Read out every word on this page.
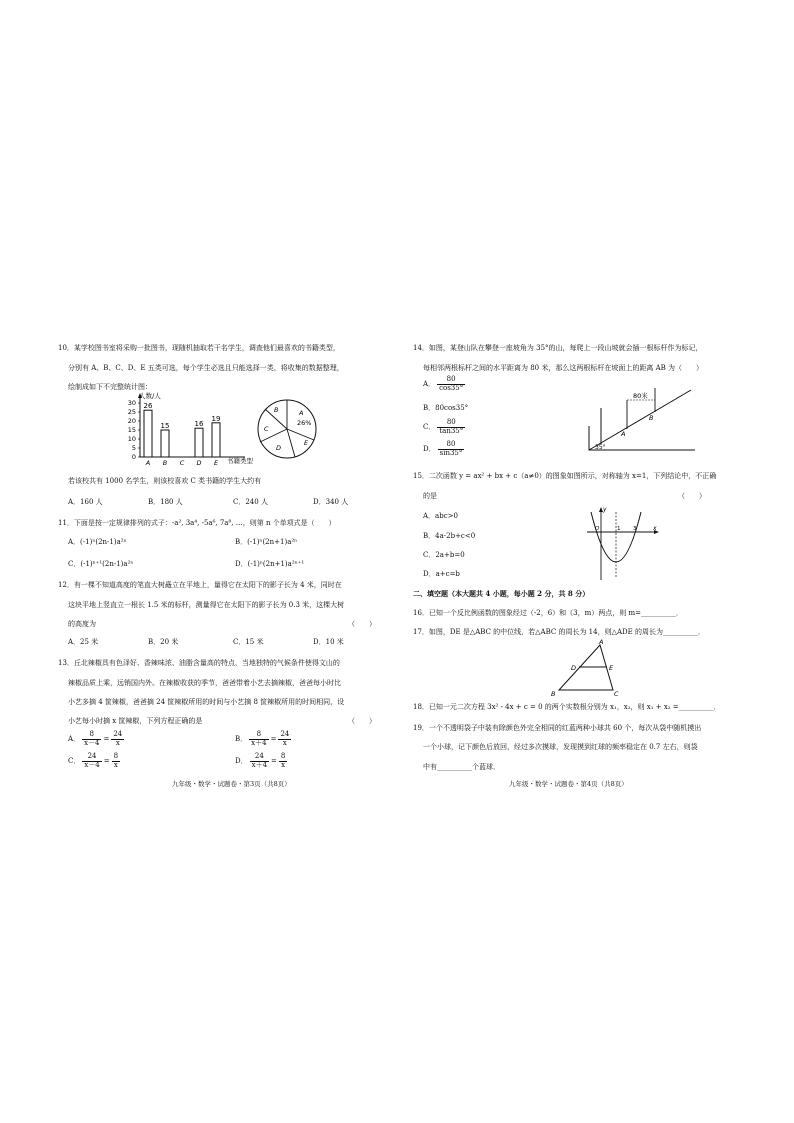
10．某学校图书室将采购一批图书，现随机抽取若干名学生，调查他们最喜欢的书籍类型，
分别有 A、B、C、D、E 五类可选，每个学生必选且只能选择一类，将收集的数据整理，
绘制成如下不完整统计图：
人数/人
0
5
10
15
20
25
30 26
A
15
B C
16
D
19
E 书籍类型
A
26%
B
C
D
E
若该校共有 1000 名学生，则该校喜欢 C 类书籍的学生大约有
A．160 人	B．180 人	C．240 人	D．340 人
11．下面是按一定规律排列的式子：-a², 3a⁴, -5a⁶, 7a⁸, …，则第 n 个单项式是（　　）
A．(-1)ⁿ(2n-1)a²ⁿ	B．(-1)ⁿ(2n+1)a²ⁿ
C．(-1)ⁿ⁺¹(2n-1)a²ⁿ	D．(-1)ⁿ(2n+1)a²ⁿ⁺¹
12．有一棵不知道高度的笔直大树矗立在平地上，量得它在太阳下的影子长为 4 米，同时在
这块平地上竖直立一根长 1.5 米的标杆，测量得它在太阳下的影子长为 0.3 米，这棵大树
的高度为	（　　）
A．25 米	B．20 米	C．15 米	D．10 米
13．丘北辣椒具有色泽好、香辣味浓、油脂含量高的特点，当地独特的气候条件使得文山的
辣椒品质上乘，远销国内外。在辣椒收获的季节，爸爸带着小艺去摘辣椒，爸爸每小时比
小艺多摘 4 筐辣椒，爸爸摘 24 筐辣椒所用的时间与小艺摘 8 筐辣椒所用的时间相同，设
小艺每小时摘 x 筐辣椒，下列方程正确的是	（　　）
A． $\frac{8}{x-4} = \frac{24}{x}$	B． $\frac{8}{x+4} = \frac{24}{x}$
C． $\frac{24}{x-4} = \frac{8}{x}$	D． $\frac{24}{x+4} = \frac{8}{x}$
九年级・数学・试题卷・第3页（共8页）
14．如图，某登山队在攀登一座坡角为 35°的山，每爬上一段山坡就会插一根标杆作为标记，
每相邻两根标杆之间的水平距离为 80 米，那么这两根标杆在坡面上的距离 AB 为（　　）
A． $\frac{80}{\cos 35^\circ}$
B．80cos35°
C． $\frac{80}{\tan 35^\circ}$
D． $\frac{80}{\sin 35^\circ}$
80米
A
B
35°
15．二次函数 y = ax² + bx + c（a≠0）的图象如图所示，对称轴为 x=1，下列结论中，不正确
的是	（　　）
A．abc>0
B．4a-2b+c<0
C．2a+b=0
D．a+c=b
y
x
O	1 3
二、填空题（本大题共 4 小题，每小题 2 分，共 8 分）
16．已知一个反比例函数的图象经过（-2，6）和（3，m）两点，则 m=__________．
17．如图，DE 是△ABC 的中位线，若△ABC 的周长为 14，则△ADE 的周长为__________．
A
B	C
D	E
18．已知一元二次方程 3x² - 4x + c = 0 的两个实数根分别为 x₁，x₂，则 x₁ + x₂ =__________．
19．一个不透明袋子中装有除颜色外完全相同的红蓝两种小球共 60 个，每次从袋中随机摸出
一个小球，记下颜色后放回，经过多次摸球，发现摸到红球的频率稳定在 0.7 左右，则袋
中有__________个蓝球．
九年级・数学・试题卷・第4页（共8页）
